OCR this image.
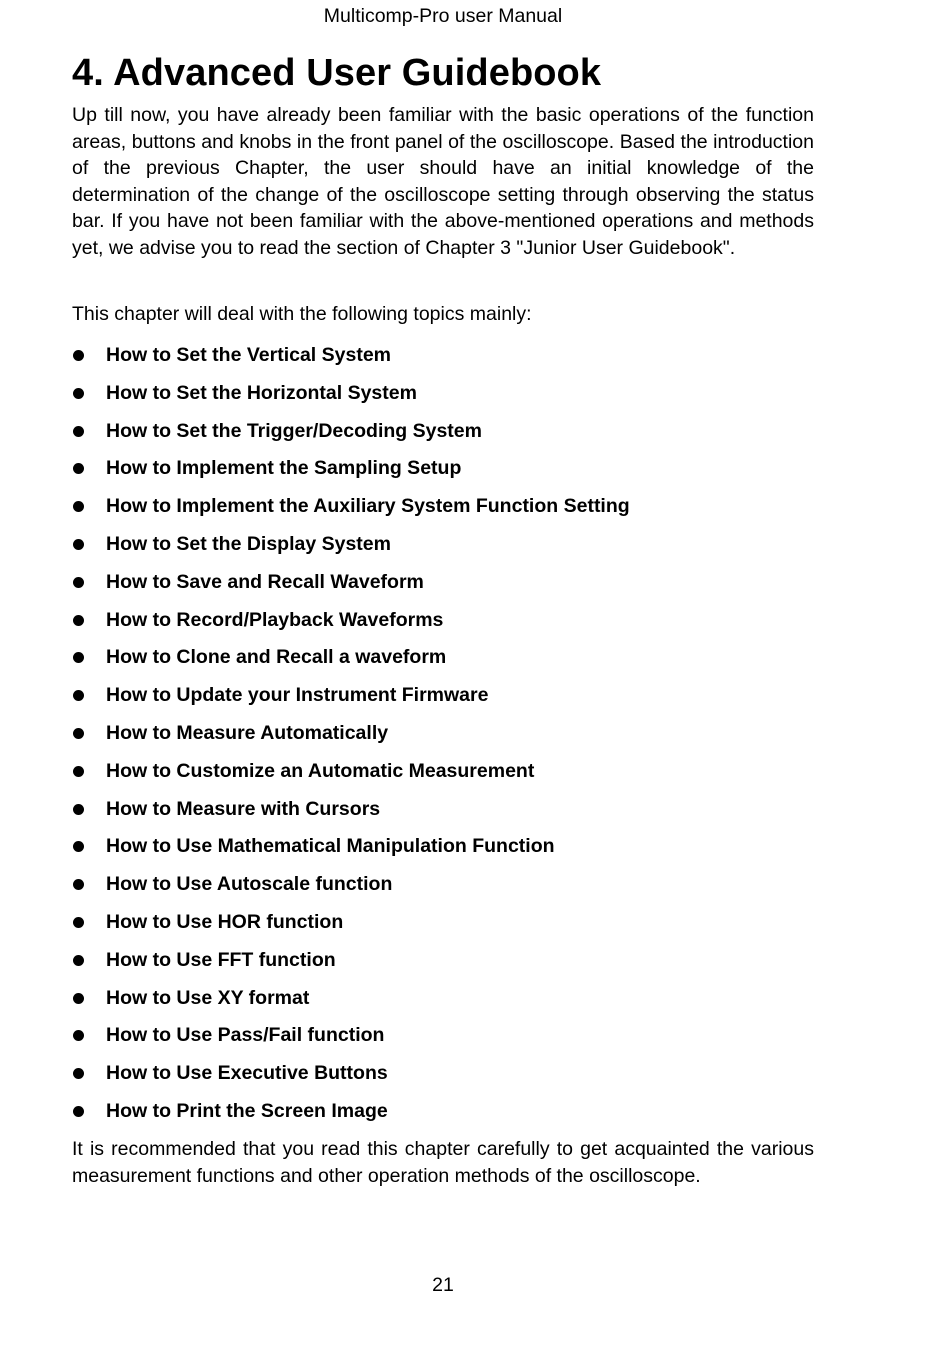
Multicomp-Pro user Manual
4. Advanced User Guidebook

Up till now, you have already been familiar with the basic operations of the function areas, buttons and knobs in the front panel of the oscilloscope. Based the introduction of the previous Chapter, the user should have an initial knowledge of the determination of the change of the oscilloscope setting through observing the status bar. If you have not been familiar with the above-mentioned operations and methods yet, we advise you to read the section of Chapter 3 "Junior User Guidebook".

This chapter will deal with the following topics mainly:

How to Set the Vertical System
How to Set the Horizontal System
How to Set the Trigger/Decoding System
How to Implement the Sampling Setup
How to Implement the Auxiliary System Function Setting
How to Set the Display System
How to Save and Recall Waveform
How to Record/Playback Waveforms
How to Clone and Recall a waveform
How to Update your Instrument Firmware
How to Measure Automatically
How to Customize an Automatic Measurement
How to Measure with Cursors
How to Use Mathematical Manipulation Function
How to Use Autoscale function
How to Use HOR function
How to Use FFT function
How to Use XY format
How to Use Pass/Fail function
How to Use Executive Buttons
How to Print the Screen Image

It is recommended that you read this chapter carefully to get acquainted the various measurement functions and other operation methods of the oscilloscope.

21
